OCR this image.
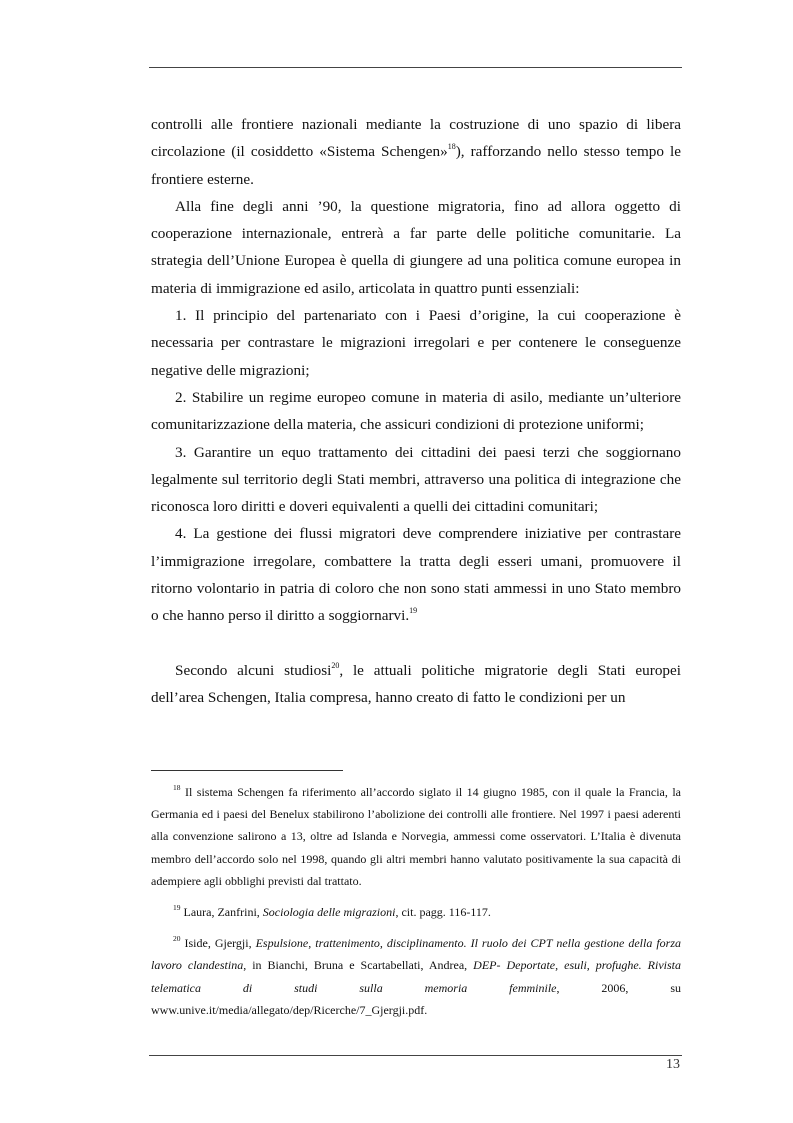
controlli alle frontiere nazionali mediante la costruzione di uno spazio di libera circolazione (il cosiddetto «Sistema Schengen»$^{18}$), rafforzando nello stesso tempo le frontiere esterne.

Alla fine degli anni ’90, la questione migratoria, fino ad allora oggetto di cooperazione internazionale, entrerà a far parte delle politiche comunitarie. La strategia dell’Unione Europea è quella di giungere ad una politica comune europea in materia di immigrazione ed asilo, articolata in quattro punti essenziali:

1. Il principio del partenariato con i Paesi d’origine, la cui cooperazione è necessaria per contrastare le migrazioni irregolari e per contenere le conseguenze negative delle migrazioni;

2. Stabilire un regime europeo comune in materia di asilo, mediante un’ulteriore comunitarizzazione della materia, che assicuri condizioni di protezione uniformi;

3. Garantire un equo trattamento dei cittadini dei paesi terzi che soggiornano legalmente sul territorio degli Stati membri, attraverso una politica di integrazione che riconosca loro diritti e doveri equivalenti a quelli dei cittadini comunitari;

4. La gestione dei flussi migratori deve comprendere iniziative per contrastare l’immigrazione irregolare, combattere la tratta degli esseri umani, promuovere il ritorno volontario in patria di coloro che non sono stati ammessi in uno Stato membro o che hanno perso il diritto a soggiornarvi.$^{19}$

Secondo alcuni studiosi$^{20}$, le attuali politiche migratorie degli Stati europei dell’area Schengen, Italia compresa, hanno creato di fatto le condizioni per un

$^{18}$ Il sistema Schengen fa riferimento all’accordo siglato il 14 giugno 1985, con il quale la Francia, la Germania ed i paesi del Benelux stabilirono l’abolizione dei controlli alle frontiere. Nel 1997 i paesi aderenti alla convenzione salirono a 13, oltre ad Islanda e Norvegia, ammessi come osservatori. L’Italia è divenuta membro dell’accordo solo nel 1998, quando gli altri membri hanno valutato positivamente la sua capacità di adempiere agli obblighi previsti dal trattato.

$^{19}$ Laura, Zanfrini, Sociologia delle migrazioni, cit. pagg. 116-117.

$^{20}$ Iside, Gjergji, Espulsione, trattenimento, disciplinamento. Il ruolo dei CPT nella gestione della forza lavoro clandestina, in Bianchi, Bruna e Scartabellati, Andrea, DEP- Deportate, esuli, profughe. Rivista telematica di studi sulla memoria femminile, 2006, su www.unive.it/media/allegato/dep/Ricerche/7_Gjergji.pdf.

13
